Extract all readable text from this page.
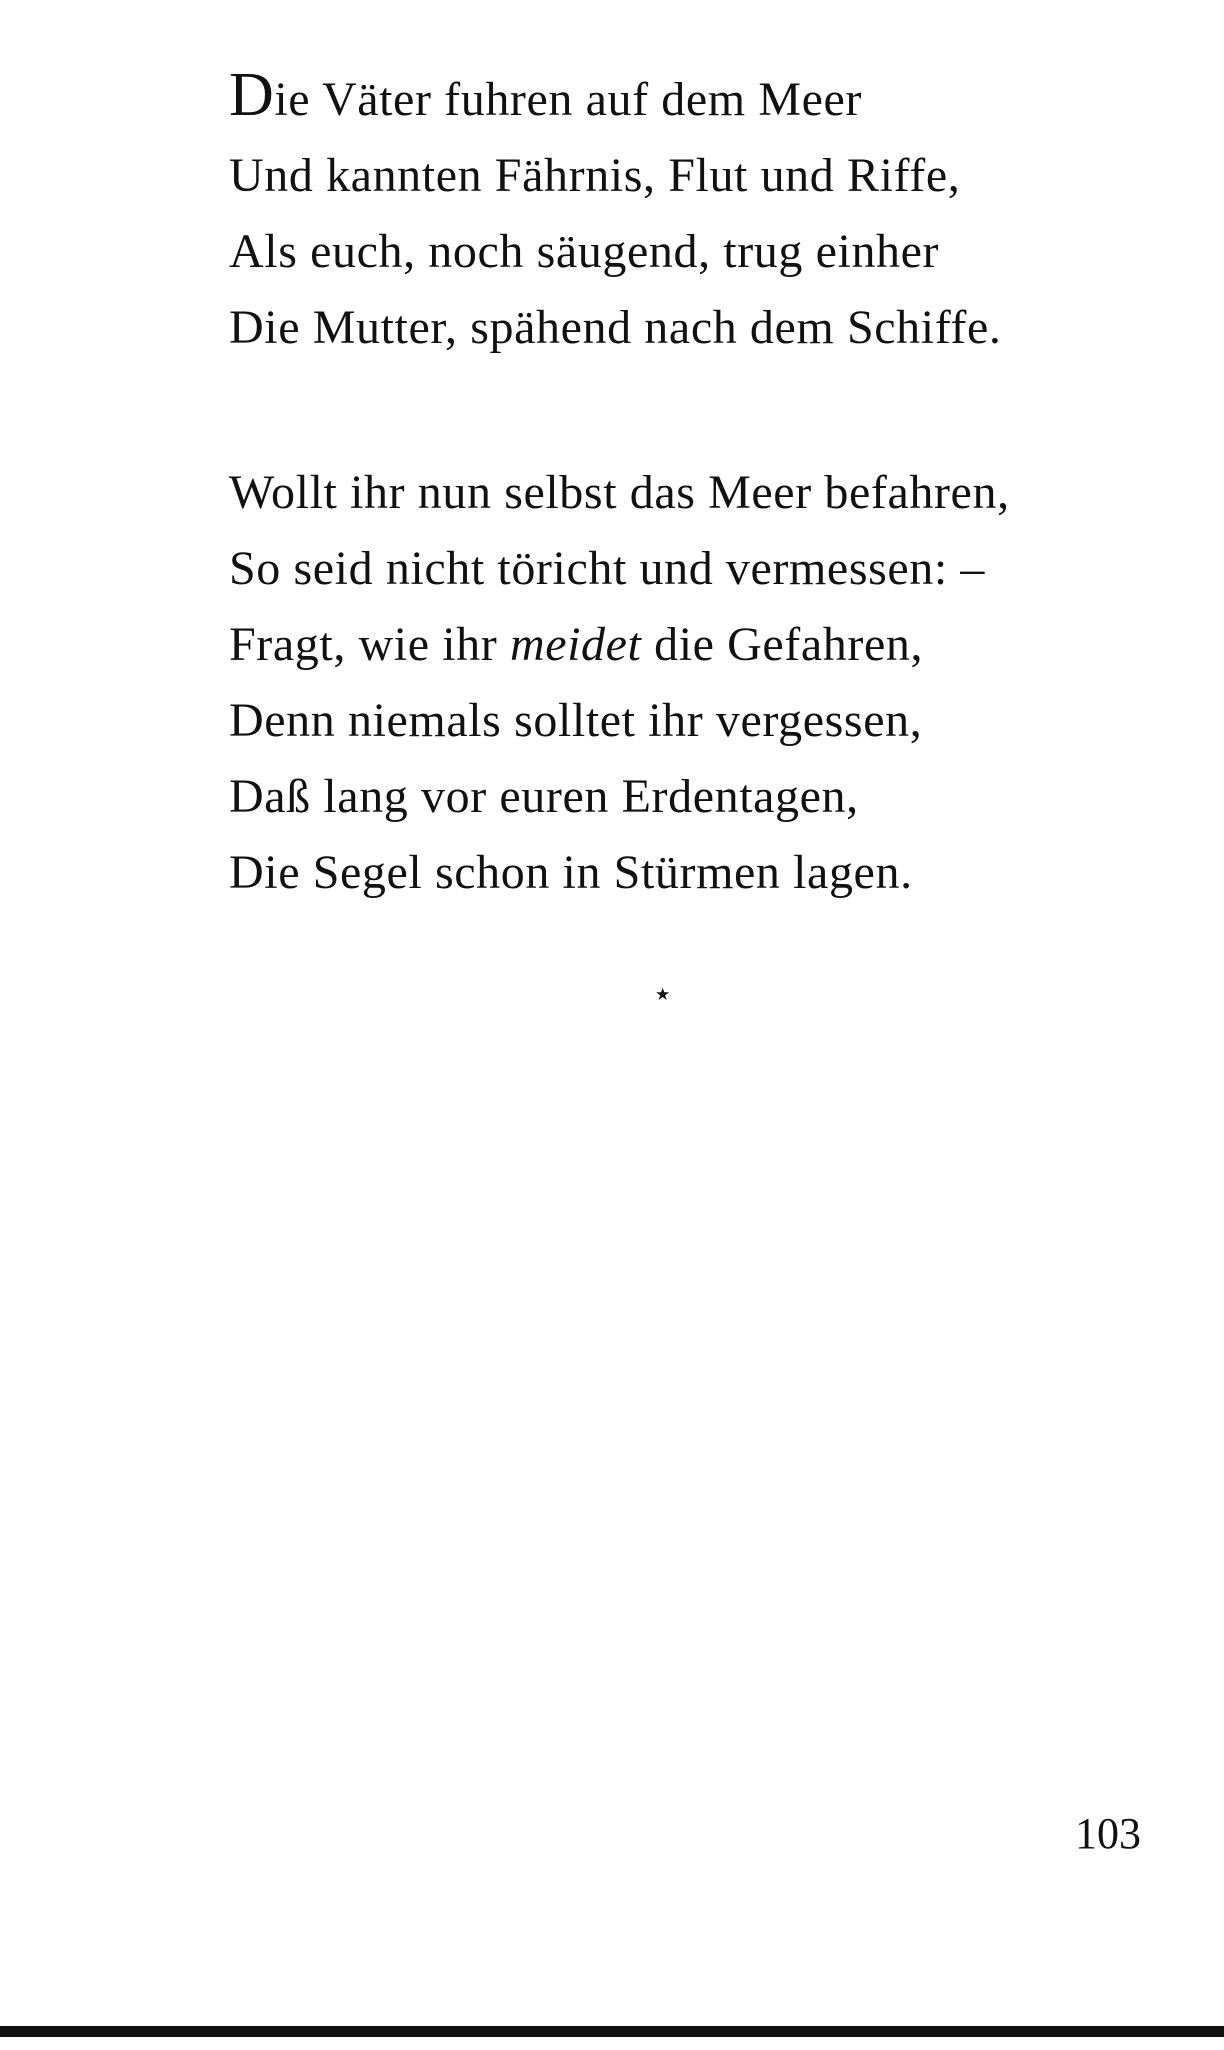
Die Väter fuhren auf dem Meer
Und kannten Fährnis, Flut und Riffe,
Als euch, noch säugend, trug einher
Die Mutter, spähend nach dem Schiffe.
Wollt ihr nun selbst das Meer befahren,
So seid nicht töricht und vermessen: –
Fragt, wie ihr meidet die Gefahren,
Denn niemals solltet ihr vergessen,
Daß lang vor euren Erdentagen,
Die Segel schon in Stürmen lagen.
⋆
103
